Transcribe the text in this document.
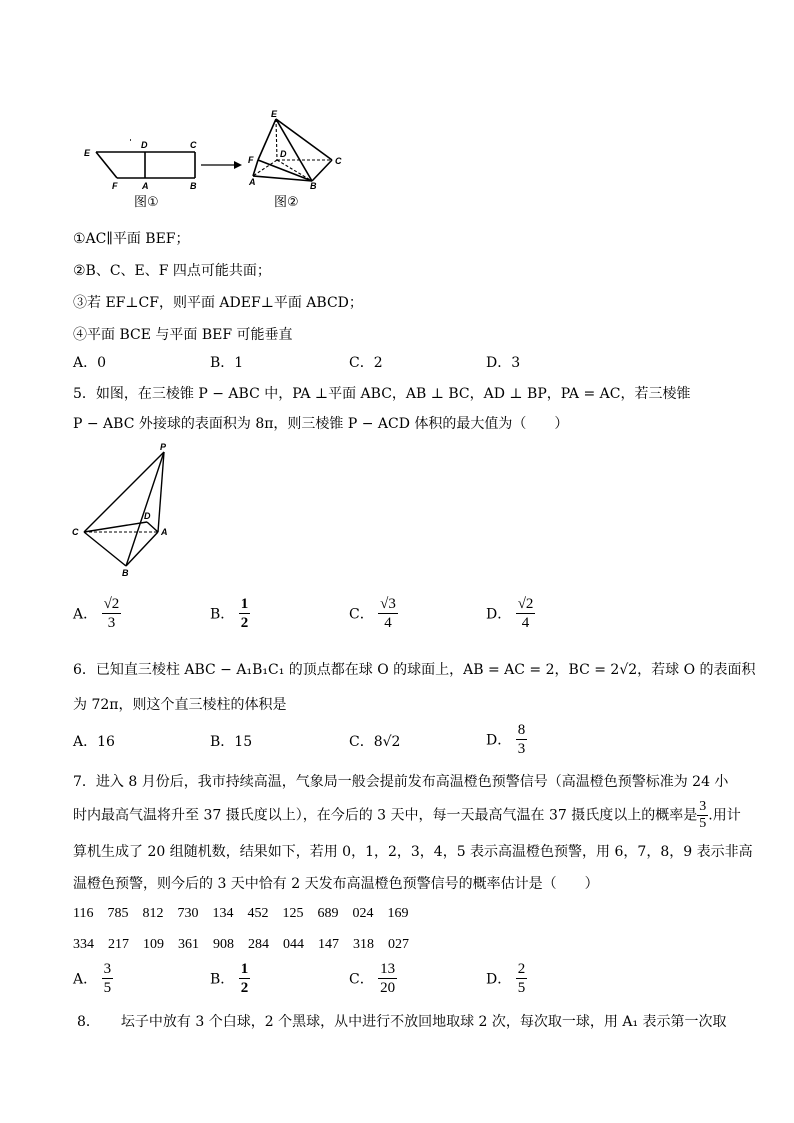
E
D	C
F	A	B
图①
E
F
D
C
A	B
图②
①AC∥平面 BEF；
②B、C、E、F 四点可能共面；
③若 EF⊥CF，则平面 ADEF⊥平面 ABCD；
④平面 BCE 与平面 BEF 可能垂直
A．0	B．1	C．2	D．3
5．如图，在三棱锥 P − ABC 中，PA ⊥平面 ABC，AB ⊥ BC，AD ⊥ BP，PA = AC，若三棱锥
P − ABC 外接球的表面积为 8π，则三棱锥 P − ACD 体积的最大值为（　　）
P
C
D
A
B
A． $\frac{√2}{3}$	B． $\frac{1}{2}$	C． $\frac{√3}{4}$	D． $\frac{√2}{4}$
6．已知直三棱柱 ABC − A₁B₁C₁ 的顶点都在球 O 的球面上，AB = AC = 2，BC = 2√2，若球 O 的表面积
为 72π，则这个直三棱柱的体积是
A．16	B．15	C．8√2	D． $\frac{8}{3}$
7．进入 8 月份后，我市持续高温，气象局一般会提前发布高温橙色预警信号（高温橙色预警标准为 24 小
时内最高气温将升至 37 摄氏度以上），在今后的 3 天中，每一天最高气温在 37 摄氏度以上的概率是 $\frac{3}{5}$ .用计
算机生成了 20 组随机数，结果如下，若用 0，1，2，3，4，5 表示高温橙色预警，用 6，7，8，9 表示非高
温橙色预警，则今后的 3 天中恰有 2 天发布高温橙色预警信号的概率估计是（　　）
116　785　812　730　134　452　125　689　024　169
334　217　109　361　908　284　044　147　318　027
A． $\frac{3}{5}$	B． $\frac{1}{2}$	C． $\frac{13}{20}$	D． $\frac{2}{5}$
8．　　坛子中放有 3 个白球，2 个黑球，从中进行不放回地取球 2 次，每次取一球，用 A₁ 表示第一次取
